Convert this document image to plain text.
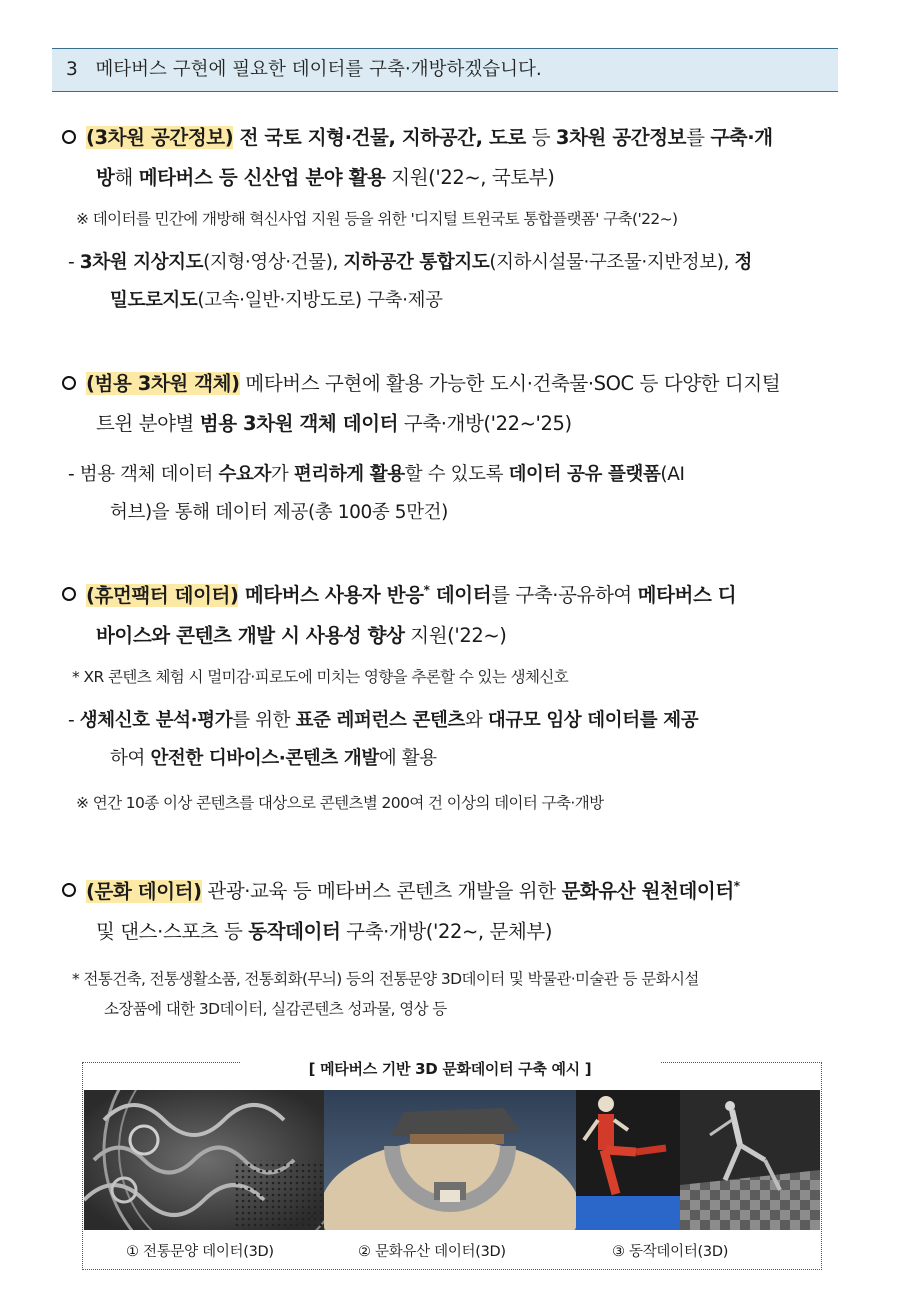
3 메타버스 구현에 필요한 데이터를 구축·개방하겠습니다.
(3차원 공간정보) 전 국토 지형·건물, 지하공간, 도로 등 3차원 공간정보를 구축·개
방해 메타버스 등 신산업 분야 활용 지원('22~, 국토부)
※ 데이터를 민간에 개방해 혁신사업 지원 등을 위한 '디지털 트윈국토 통합플랫폼' 구축('22~)
- 3차원 지상지도(지형·영상·건물), 지하공간 통합지도(지하시설물·구조물·지반정보), 정
밀도로지도(고속·일반·지방도로) 구축·제공
(범용 3차원 객체) 메타버스 구현에 활용 가능한 도시·건축물·SOC 등 다양한 디지털
트윈 분야별 범용 3차원 객체 데이터 구축·개방('22~'25)
- 범용 객체 데이터 수요자가 편리하게 활용할 수 있도록 데이터 공유 플랫폼(AI
허브)을 통해 데이터 제공(총 100종 5만건)
(휴먼팩터 데이터) 메타버스 사용자 반응* 데이터를 구축·공유하여 메타버스 디
바이스와 콘텐츠 개발 시 사용성 향상 지원('22~)
* XR 콘텐츠 체험 시 멀미감·피로도에 미치는 영향을 추론할 수 있는 생체신호
- 생체신호 분석·평가를 위한 표준 레퍼런스 콘텐츠와 대규모 임상 데이터를 제공
하여 안전한 디바이스·콘텐츠 개발에 활용
※ 연간 10종 이상 콘텐츠를 대상으로 콘텐츠별 200여 건 이상의 데이터 구축·개방
(문화 데이터) 관광·교육 등 메타버스 콘텐츠 개발을 위한 문화유산 원천데이터*
및 댄스·스포츠 등 동작데이터 구축·개방('22~, 문체부)
* 전통건축, 전통생활소품, 전통회화(무늬) 등의 전통문양 3D데이터 및 박물관·미술관 등 문화시설
소장품에 대한 3D데이터, 실감콘텐츠 성과물, 영상 등
[ 메타버스 기반 3D 문화데이터 구축 예시 ]
① 전통문양 데이터(3D)	② 문화유산 데이터(3D)	③ 동작데이터(3D)
